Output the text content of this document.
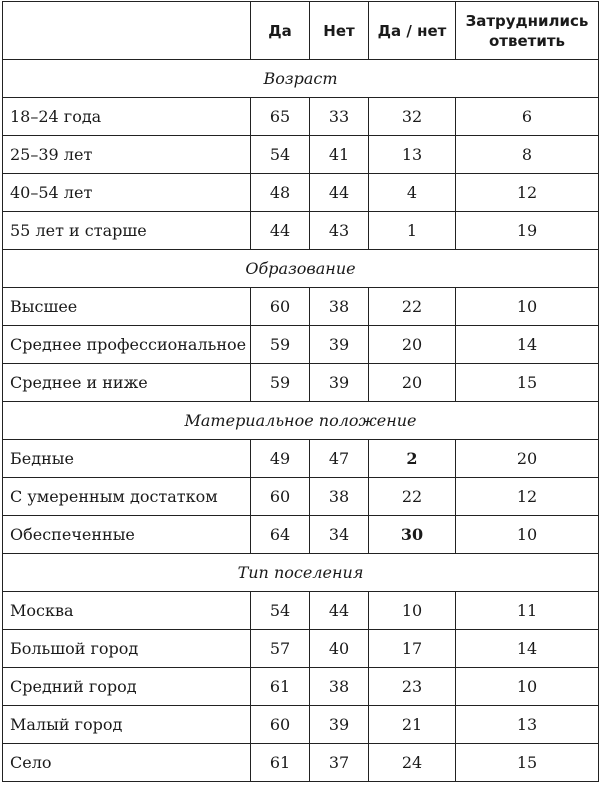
	Да	Нет	Да / нет	Затруднились ответить
Возраст				
18–24 года	65	33	32	6
25–39 лет	54	41	13	8
40–54 лет	48	44	4	12
55 лет и старше	44	43	1	19
Образование				
Высшее	60	38	22	10
Среднее профессиональное	59	39	20	14
Среднее и ниже	59	39	20	15
Материальное положение				
Бедные	49	47	2	20
С умеренным достатком	60	38	22	12
Обеспеченные	64	34	30	10
Тип поселения				
Москва	54	44	10	11
Большой город	57	40	17	14
Средний город	61	38	23	10
Малый город	60	39	21	13
Село	61	37	24	15
